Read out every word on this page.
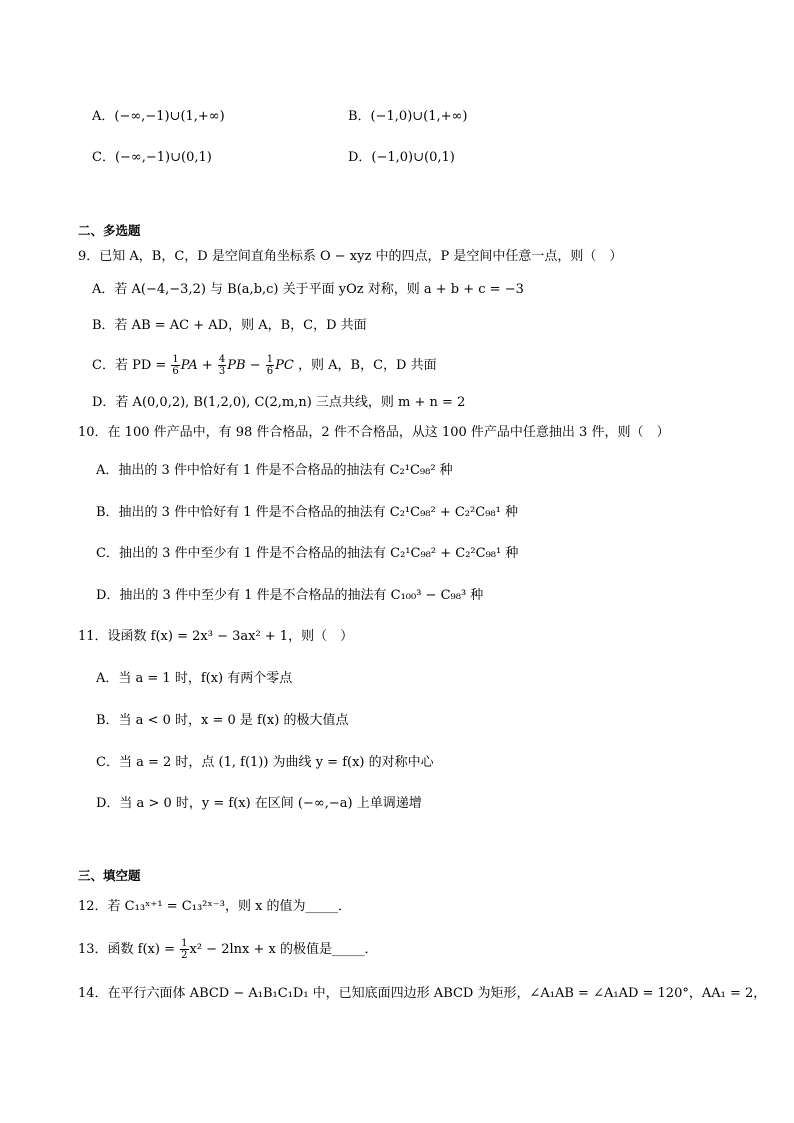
A．(−∞,−1)∪(1,+∞)	B．(−1,0)∪(1,+∞)
C．(−∞,−1)∪(0,1)	D．(−1,0)∪(0,1)
二、多选题
9．已知 A，B，C，D 是空间直角坐标系 O − xyz 中的四点，P 是空间中任意一点，则（　）
A．若 A(−4,−3,2) 与 B(a,b,c) 关于平面 yOz 对称，则 a + b + c = −3
B．若 AB = AC + AD，则 A，B，C，D 共面
C．若 PD = $\frac{1}{6}$ PA + $\frac{4}{3}$ PB − $\frac{1}{6}$ PC ，则 A，B，C，D 共面
D．若 A(0,0,2), B(1,2,0), C(2,m,n) 三点共线，则 m + n = 2
10．在 100 件产品中，有 98 件合格品，2 件不合格品，从这 100 件产品中任意抽出 3 件，则（　）
A．抽出的 3 件中恰好有 1 件是不合格品的抽法有 C₂¹C₉₈² 种
B．抽出的 3 件中恰好有 1 件是不合格品的抽法有 C₂¹C₉₈² + C₂²C₉₈¹ 种
C．抽出的 3 件中至少有 1 件是不合格品的抽法有 C₂¹C₉₈² + C₂²C₉₈¹ 种
D．抽出的 3 件中至少有 1 件是不合格品的抽法有 C₁₀₀³ − C₉₈³ 种
11．设函数 f(x) = 2x³ − 3ax² + 1，则（　）
A．当 a = 1 时，f(x) 有两个零点
B．当 a < 0 时，x = 0 是 f(x) 的极大值点
C．当 a = 2 时，点 (1, f(1)) 为曲线 y = f(x) 的对称中心
D．当 a > 0 时，y = f(x) 在区间 (−∞,−a) 上单调递增
三、填空题
12．若 C₁₃ˣ⁺¹ = C₁₃²ˣ⁻³，则 x 的值为_____．
13．函数 $f(x) = \frac{1}{2} x^2 - 2\ln x + x$ 的极值是_____．
14．在平行六面体 ABCD − A₁B₁C₁D₁ 中，已知底面四边形 ABCD 为矩形，∠A₁AB = ∠A₁AD = 120°，AA₁ = 2，
